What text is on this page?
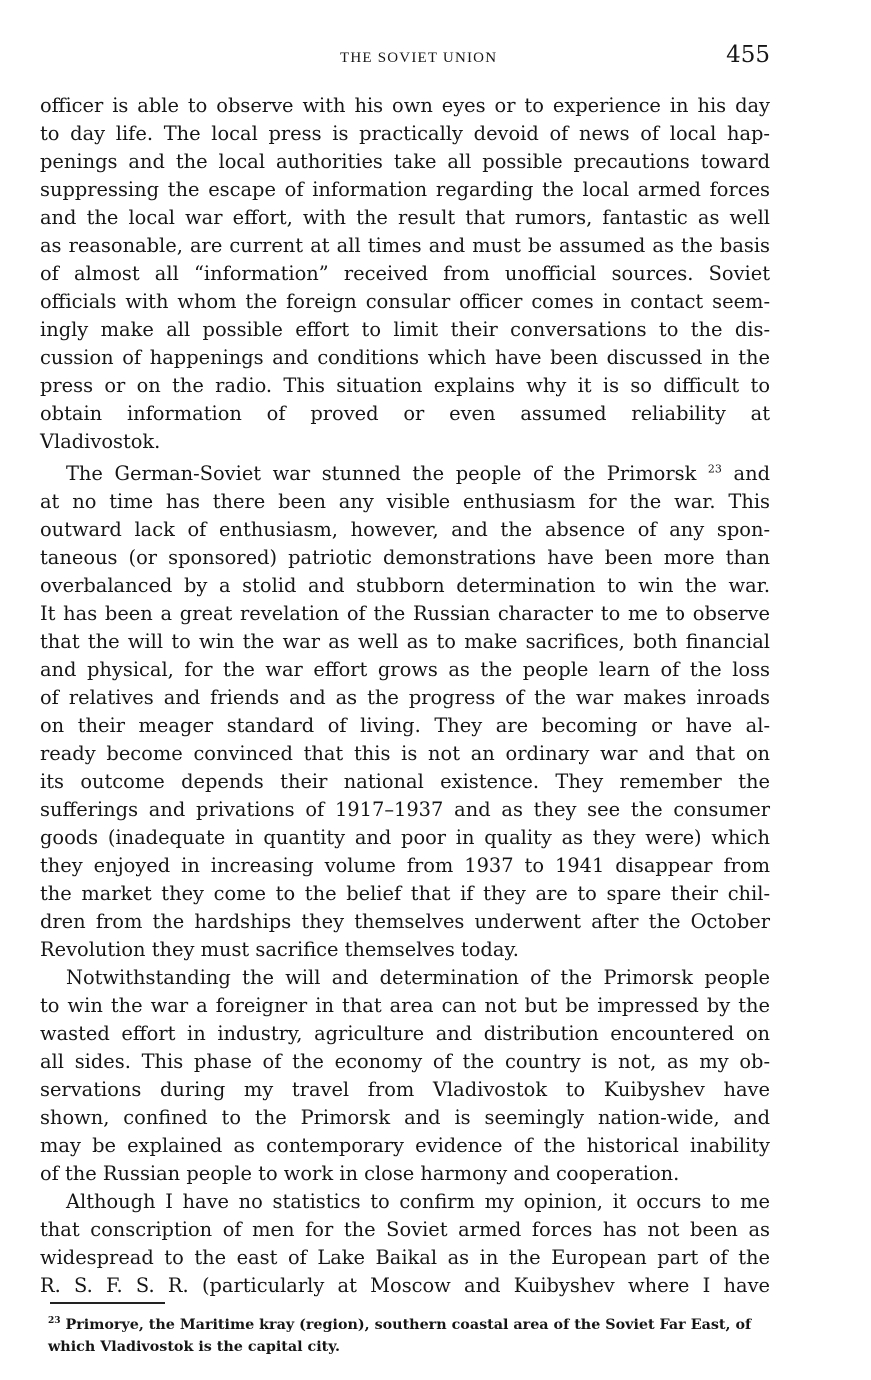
THE SOVIET UNION	455
officer is able to observe with his own eyes or to experience in his day
to day life. The local press is practically devoid of news of local hap-
penings and the local authorities take all possible precautions toward
suppressing the escape of information regarding the local armed forces
and the local war effort, with the result that rumors, fantastic as well
as reasonable, are current at all times and must be assumed as the basis
of almost all “information” received from unofficial sources. Soviet
officials with whom the foreign consular officer comes in contact seem-
ingly make all possible effort to limit their conversations to the dis-
cussion of happenings and conditions which have been discussed in the
press or on the radio. This situation explains why it is so difficult to
obtain information of proved or even assumed reliability at
Vladivostok.
The German-Soviet war stunned the people of the Primorsk $^{23}$ and
at no time has there been any visible enthusiasm for the war. This
outward lack of enthusiasm, however, and the absence of any spon-
taneous (or sponsored) patriotic demonstrations have been more than
overbalanced by a stolid and stubborn determination to win the war.
It has been a great revelation of the Russian character to me to observe
that the will to win the war as well as to make sacrifices, both financial
and physical, for the war effort grows as the people learn of the loss
of relatives and friends and as the progress of the war makes inroads
on their meager standard of living. They are becoming or have al-
ready become convinced that this is not an ordinary war and that on
its outcome depends their national existence. They remember the
sufferings and privations of 1917–1937 and as they see the consumer
goods (inadequate in quantity and poor in quality as they were) which
they enjoyed in increasing volume from 1937 to 1941 disappear from
the market they come to the belief that if they are to spare their chil-
dren from the hardships they themselves underwent after the October
Revolution they must sacrifice themselves today.
Notwithstanding the will and determination of the Primorsk people
to win the war a foreigner in that area can not but be impressed by the
wasted effort in industry, agriculture and distribution encountered on
all sides. This phase of the economy of the country is not, as my ob-
servations during my travel from Vladivostok to Kuibyshev have
shown, confined to the Primorsk and is seemingly nation-wide, and
may be explained as contemporary evidence of the historical inability
of the Russian people to work in close harmony and cooperation.
Although I have no statistics to confirm my opinion, it occurs to me
that conscription of men for the Soviet armed forces has not been as
widespread to the east of Lake Baikal as in the European part of the
R. S. F. S. R. (particularly at Moscow and Kuibyshev where I have
$^{23}$ Primorye, the Maritime kray (region), southern coastal area of the Soviet Far East, of which Vladivostok is the capital city.
